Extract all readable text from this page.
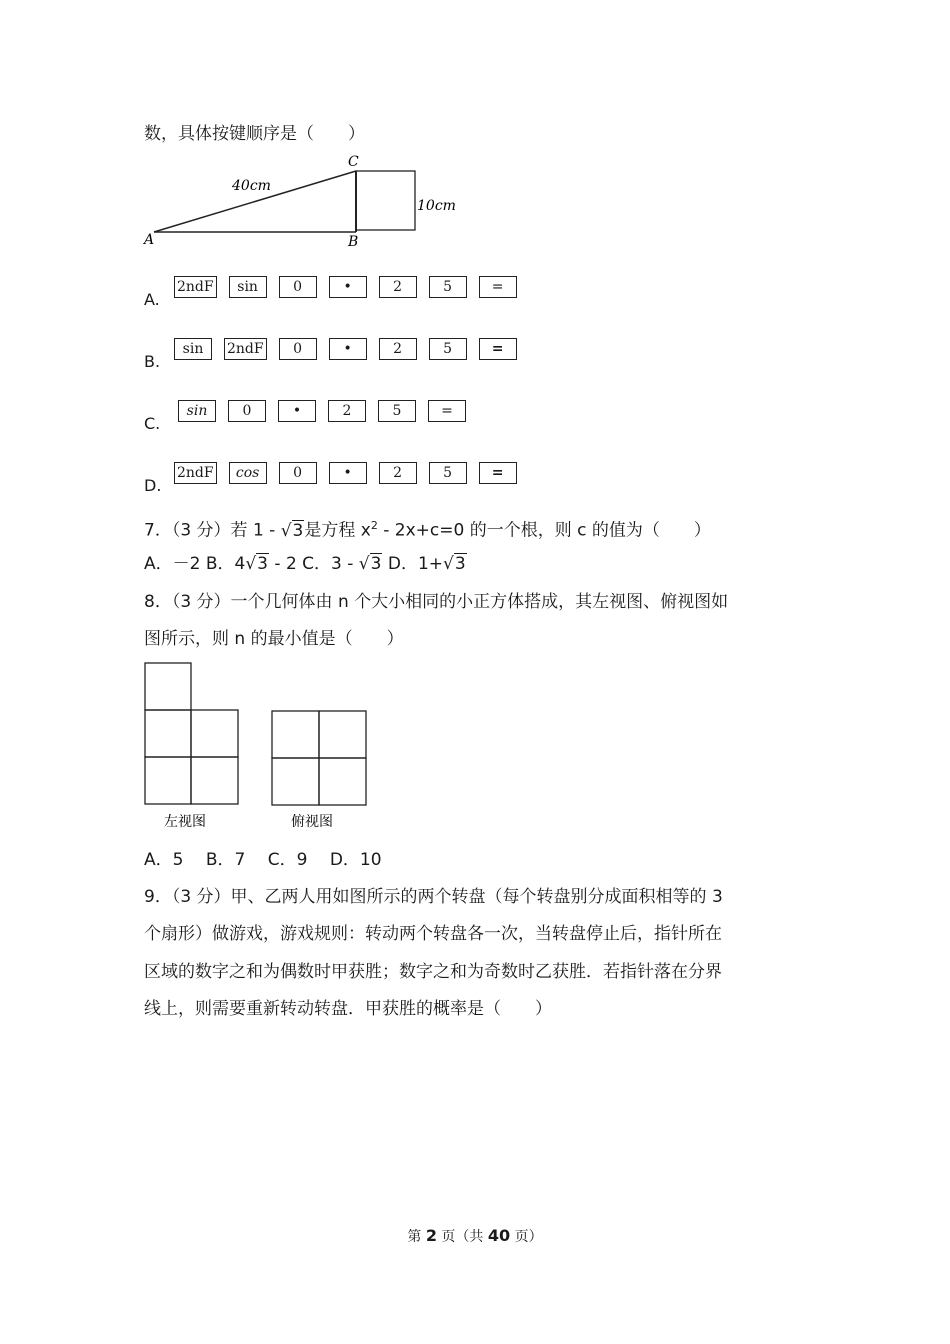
数，具体按键顺序是（　　）
A	B
C
40cm
10cm
A.
2ndF	sin	0	•	2	5	=
B.
sin	2ndF	0	•	2	5	=
C.
sin	0	•	2	5	=
D.
2ndF	cos	0	•	2	5	=
7．（3 分）若 1 - √3是方程 $x^2 - 2x+c=0$ 的一个根，则 c 的值为（　　）
A．－2 B．4√3 - 2 C．3 - √3 D．1+√3
8．（3 分）一个几何体由 n 个大小相同的小正方体搭成，其左视图、俯视图如
图所示，则 n 的最小值是（　　）
左视图	俯视图
A．5　 B．7　 C．9　 D．10
9．（3 分）甲、乙两人用如图所示的两个转盘（每个转盘别分成面积相等的 3
个扇形）做游戏，游戏规则：转动两个转盘各一次，当转盘停止后，指针所在
区域的数字之和为偶数时甲获胜；数字之和为奇数时乙获胜．若指针落在分界
线上，则需要重新转动转盘．甲获胜的概率是（　　）
第 2 页（共 40 页）
